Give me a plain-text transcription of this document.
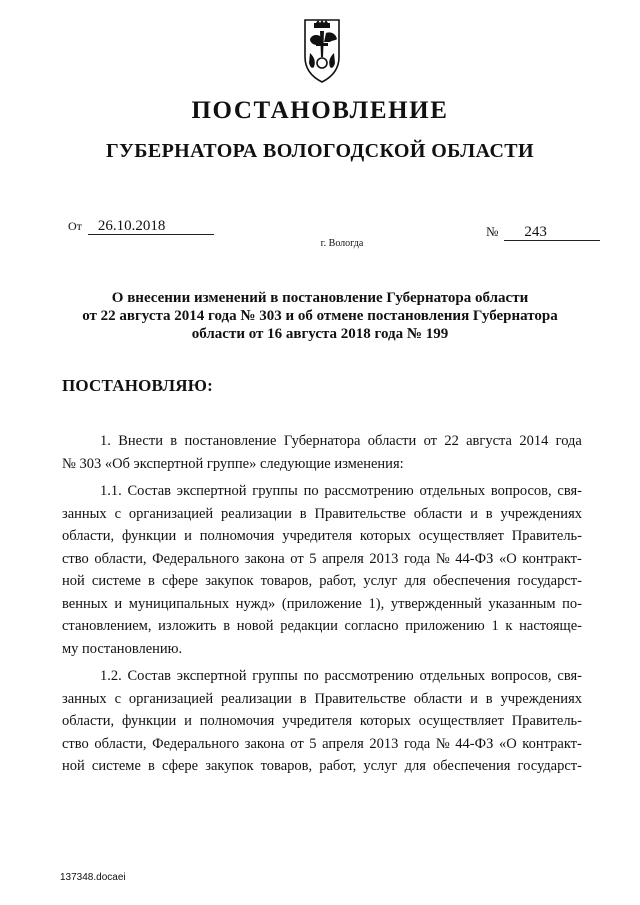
ПОСТАНОВЛЕНИЕ
ГУБЕРНАТОРА ВОЛОГОДСКОЙ ОБЛАСТИ
От 26.10.2018	№ 243
г. Вологда
О внесении изменений в постановление Губернатора области
от 22 августа 2014 года № 303 и об отмене постановления Губернатора
области от 16 августа 2018 года № 199
ПОСТАНОВЛЯЮ:
1. Внести в постановление Губернатора области от 22 августа 2014 года
№ 303 «Об экспертной группе» следующие изменения:
1.1. Состав экспертной группы по рассмотрению отдельных вопросов, свя-
занных с организацией реализации в Правительстве области и в учреждениях
области, функции и полномочия учредителя которых осуществляет Правитель-
ство области, Федерального закона от 5 апреля 2013 года № 44-ФЗ «О контракт-
ной системе в сфере закупок товаров, работ, услуг для обеспечения государст-
венных и муниципальных нужд» (приложение 1), утвержденный указанным по-
становлением, изложить в новой редакции согласно приложению 1 к настояще-
му постановлению.
1.2. Состав экспертной группы по рассмотрению отдельных вопросов, свя-
занных с организацией реализации в Правительстве области и в учреждениях
области, функции и полномочия учредителя которых осуществляет Правитель-
ство области, Федерального закона от 5 апреля 2013 года № 44-ФЗ «О контракт-
ной системе в сфере закупок товаров, работ, услуг для обеспечения государст-
137348.docaei
